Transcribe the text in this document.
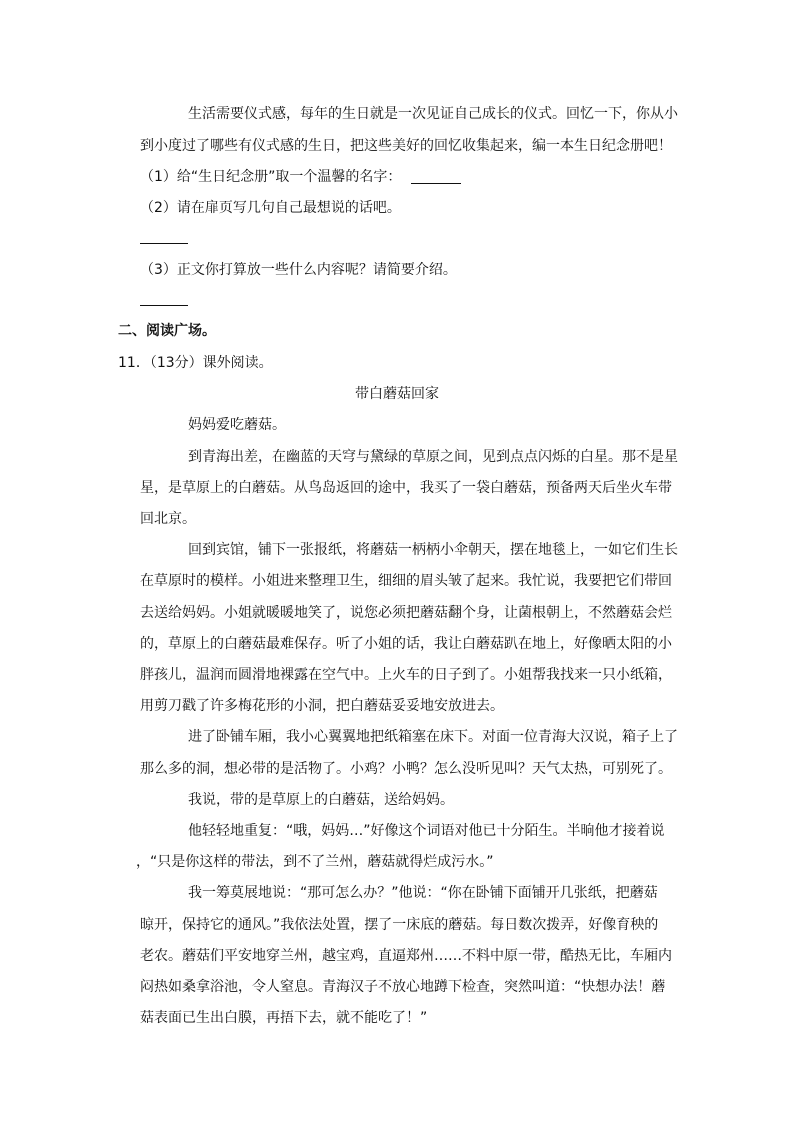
生活需要仪式感，每年的生日就是一次见证自己成长的仪式。回忆一下，你从小
到小度过了哪些有仪式感的生日，把这些美好的回忆收集起来，编一本生日纪念册吧！
（1）给“生日纪念册”取一个温馨的名字：
（2）请在扉页写几句自己最想说的话吧。
（3）正文你打算放一些什么内容呢？请简要介绍。
二、阅读广场。
11．（13分）课外阅读。
带白蘑菇回家
妈妈爱吃蘑菇。
到青海出差，在幽蓝的天穹与黛绿的草原之间，见到点点闪烁的白星。那不是星
星，是草原上的白蘑菇。从鸟岛返回的途中，我买了一袋白蘑菇，预备两天后坐火车带
回北京。
回到宾馆，铺下一张报纸，将蘑菇一柄柄小伞朝天，摆在地毯上，一如它们生长
在草原时的模样。小姐进来整理卫生，细细的眉头皱了起来。我忙说，我要把它们带回
去送给妈妈。小姐就暖暖地笑了，说您必须把蘑菇翻个身，让菌根朝上，不然蘑菇会烂
的，草原上的白蘑菇最难保存。听了小姐的话，我让白蘑菇趴在地上，好像晒太阳的小
胖孩儿，温润而圆滑地裸露在空气中。上火车的日子到了。小姐帮我找来一只小纸箱，
用剪刀戳了许多梅花形的小洞，把白蘑菇妥妥地安放进去。
进了卧铺车厢，我小心翼翼地把纸箱塞在床下。对面一位青海大汉说，箱子上了
那么多的洞，想必带的是活物了。小鸡？小鸭？怎么没听见叫？天气太热，可别死了。
我说，带的是草原上的白蘑菇，送给妈妈。
他轻轻地重复：“哦，妈妈…”好像这个词语对他已十分陌生。半晌他才接着说
，“只是你这样的带法，到不了兰州，蘑菇就得烂成污水。”
我一筹莫展地说：“那可怎么办？”他说：“你在卧铺下面铺开几张纸，把蘑菇
晾开，保持它的通风。”我依法处置，摆了一床底的蘑菇。每日数次拨弄，好像育秧的
老农。蘑菇们平安地穿兰州，越宝鸡，直逼郑州……不料中原一带，酷热无比，车厢内
闷热如桑拿浴池，令人窒息。青海汉子不放心地蹲下检查，突然叫道：“快想办法！蘑
菇表面已生出白膜，再捂下去，就不能吃了！”
